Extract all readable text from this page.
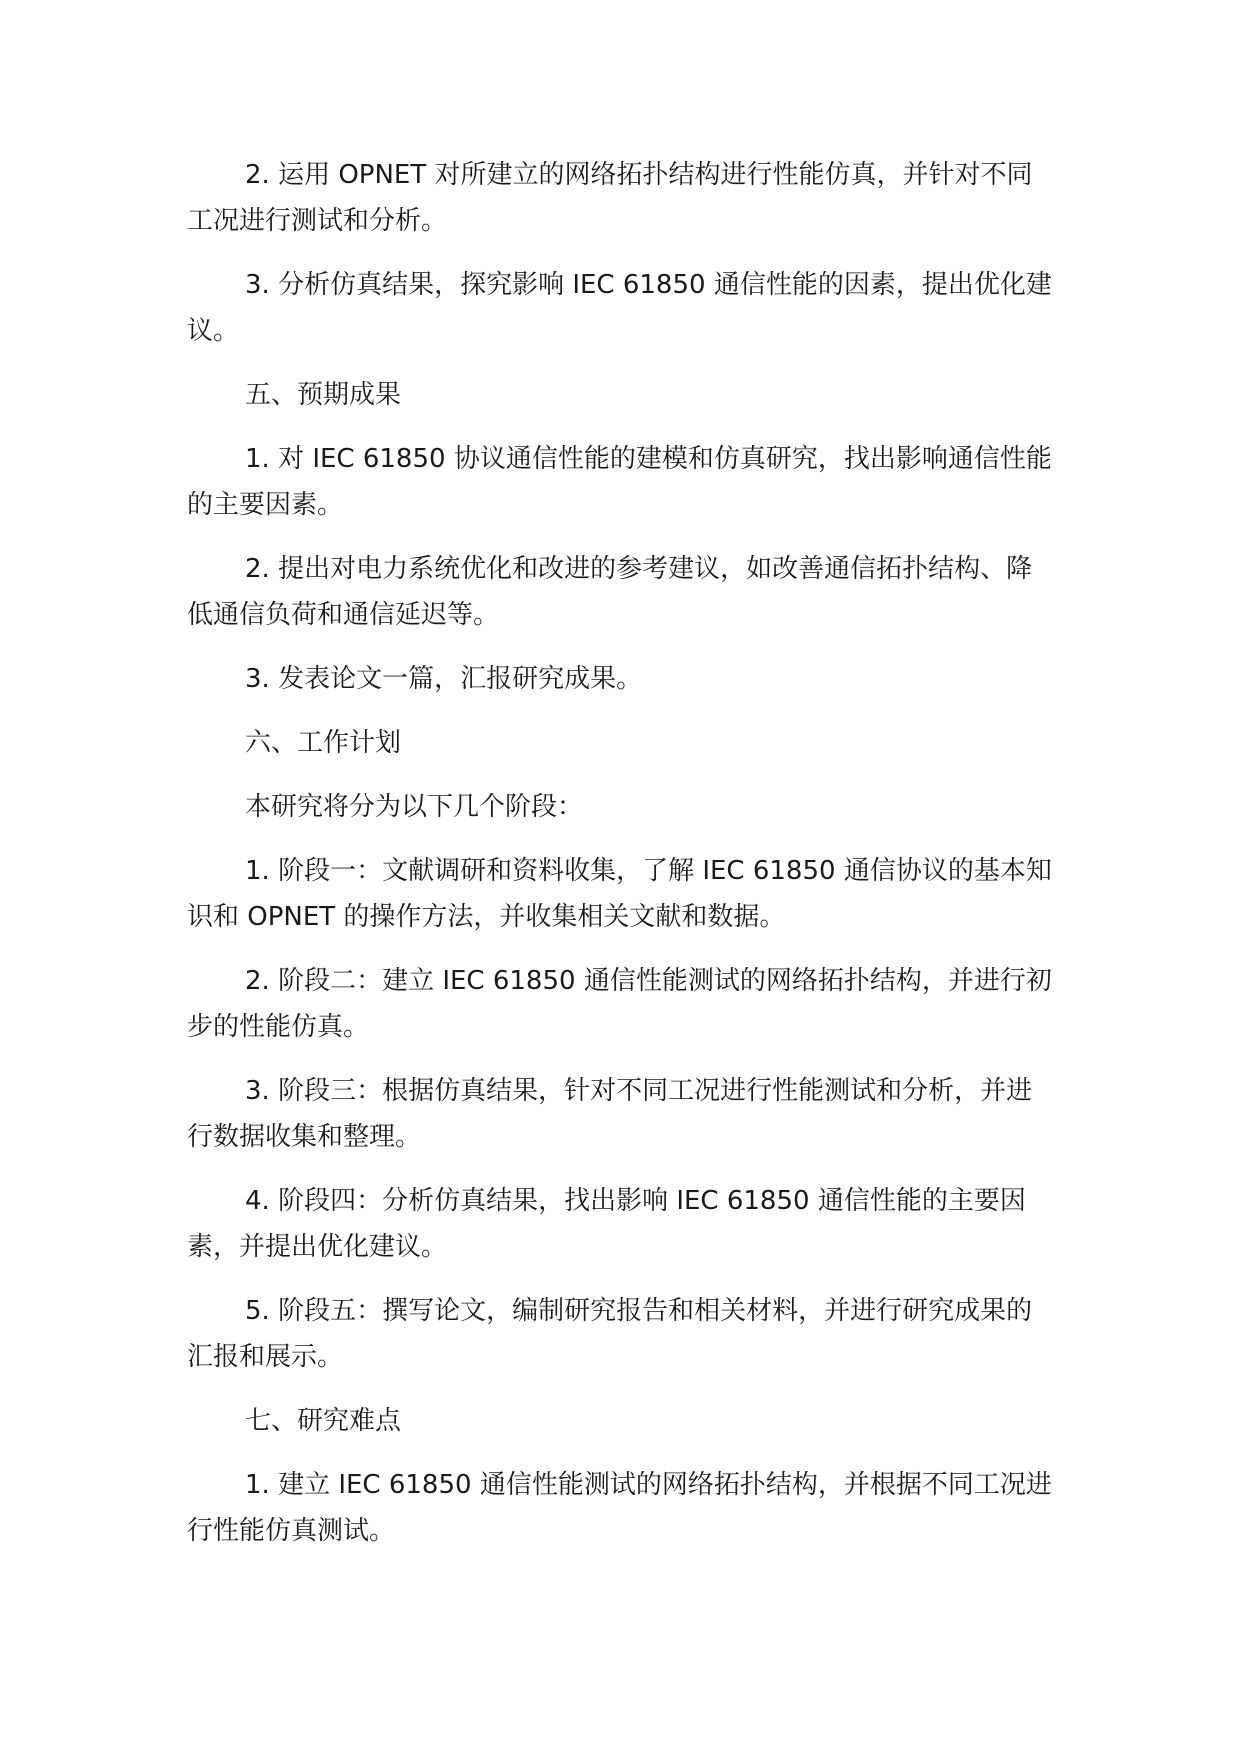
2. 运用 OPNET 对所建立的网络拓扑结构进行性能仿真，并针对不同工况进行测试和分析。

3. 分析仿真结果，探究影响 IEC 61850 通信性能的因素，提出优化建议。

五、预期成果

1. 对 IEC 61850 协议通信性能的建模和仿真研究，找出影响通信性能的主要因素。

2. 提出对电力系统优化和改进的参考建议，如改善通信拓扑结构、降低通信负荷和通信延迟等。

3. 发表论文一篇，汇报研究成果。

六、工作计划

本研究将分为以下几个阶段：

1. 阶段一：文献调研和资料收集，了解 IEC 61850 通信协议的基本知识和 OPNET 的操作方法，并收集相关文献和数据。

2. 阶段二：建立 IEC 61850 通信性能测试的网络拓扑结构，并进行初步的性能仿真。

3. 阶段三：根据仿真结果，针对不同工况进行性能测试和分析，并进行数据收集和整理。

4. 阶段四：分析仿真结果，找出影响 IEC 61850 通信性能的主要因素，并提出优化建议。

5. 阶段五：撰写论文，编制研究报告和相关材料，并进行研究成果的汇报和展示。

七、研究难点

1. 建立 IEC 61850 通信性能测试的网络拓扑结构，并根据不同工况进行性能仿真测试。
